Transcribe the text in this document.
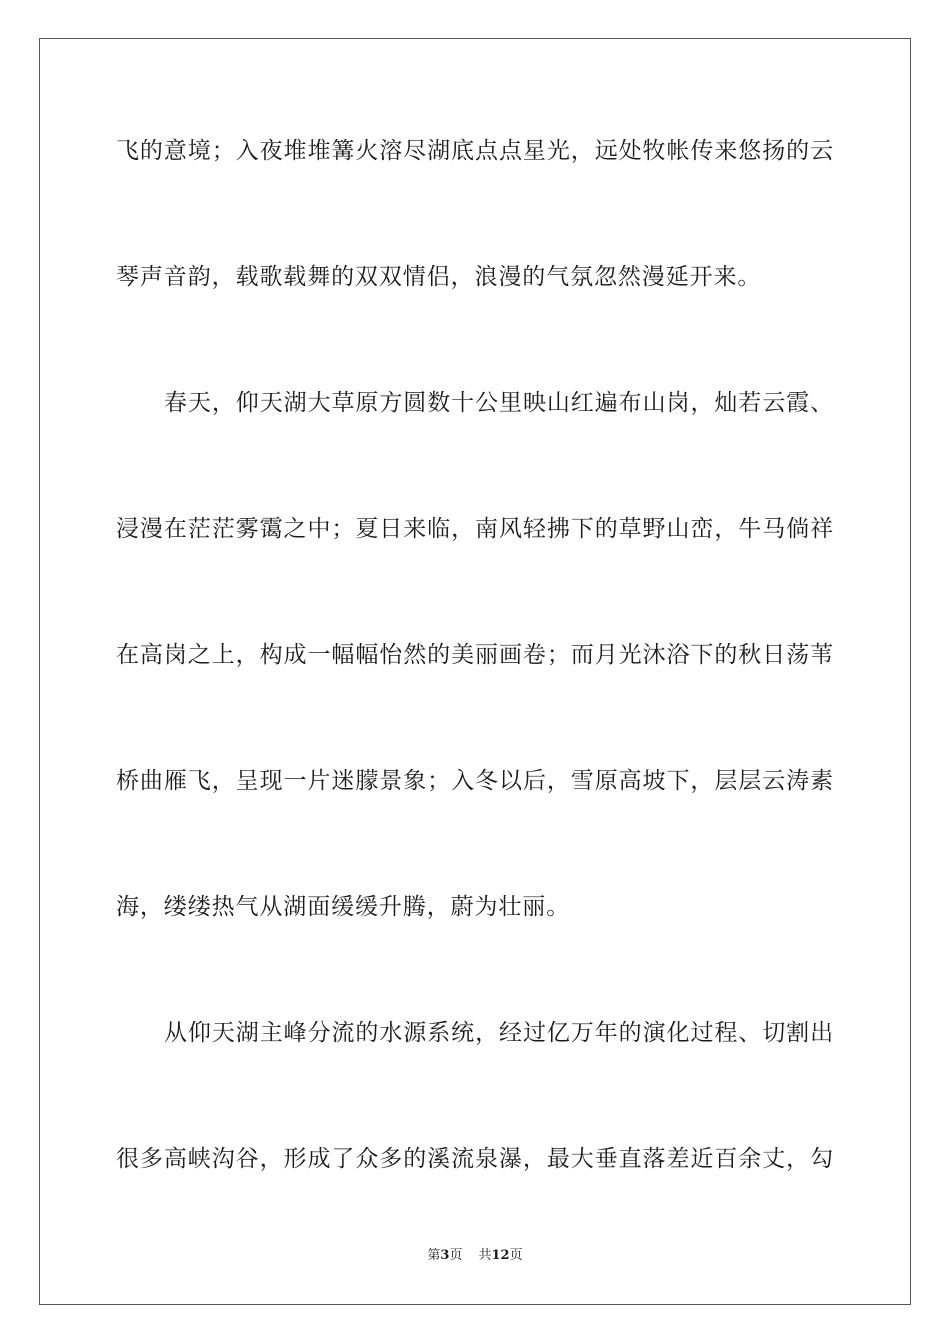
飞的意境；入夜堆堆篝火溶尽湖底点点星光，远处牧帐传来悠扬的云
琴声音韵，载歌载舞的双双情侣，浪漫的气氛忽然漫延开来。
春天，仰天湖大草原方圆数十公里映山红遍布山岗，灿若云霞、
浸漫在茫茫雾霭之中；夏日来临，南风轻拂下的草野山峦，牛马倘祥
在高岗之上，构成一幅幅怡然的美丽画卷；而月光沐浴下的秋日荡苇
桥曲雁飞，呈现一片迷朦景象；入冬以后，雪原高坡下，层层云涛素
海，缕缕热气从湖面缓缓升腾，蔚为壮丽。
从仰天湖主峰分流的水源系统，经过亿万年的演化过程、切割出
很多高峡沟谷，形成了众多的溪流泉瀑，最大垂直落差近百余丈，勾
第3页 共12页
